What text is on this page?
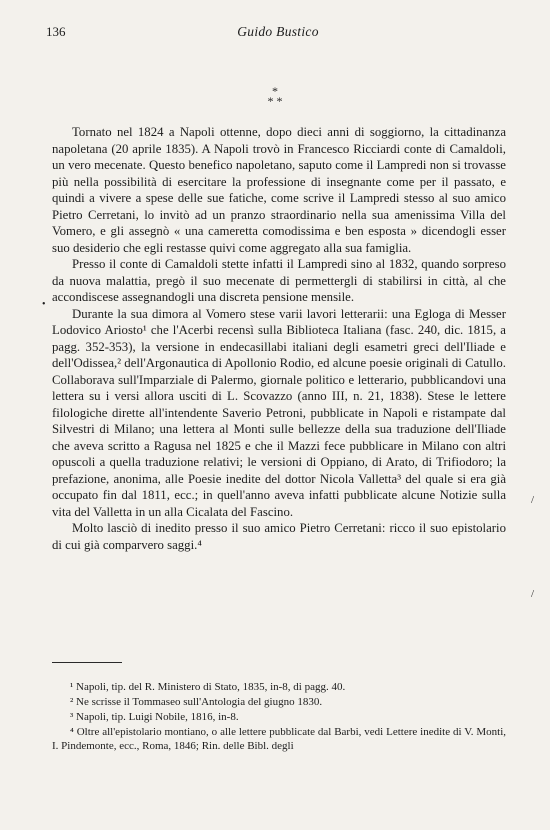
136	Guido Bustico
*
* *

Tornato nel 1824 a Napoli ottenne, dopo dieci anni di soggiorno, la cittadinanza napoletana (20 aprile 1835). A Napoli trovò in Francesco Ricciardi conte di Camaldoli, un vero mecenate. Questo benefico napoletano, saputo come il Lampredi non si trovasse più nella possibilità di esercitare la professione di insegnante come per il passato, e quindi a vivere a spese delle sue fatiche, come scrive il Lampredi stesso al suo amico Pietro Cerretani, lo invitò ad un pranzo straordinario nella sua amenissima Villa del Vomero, e gli assegnò « una cameretta comodissima e ben esposta » dicendogli esser suo desiderio che egli restasse quivi come aggregato alla sua famiglia.

Presso il conte di Camaldoli stette infatti il Lampredi sino al 1832, quando sorpreso da nuova malattia, pregò il suo mecenate di permettergli di stabilirsi in città, al che accondiscese assegnandogli una discreta pensione mensile.

Durante la sua dimora al Vomero stese varii lavori letterarii: una Egloga di Messer Lodovico Ariosto¹ che l'Acerbi recensì sulla Biblioteca Italiana (fasc. 240, dic. 1815, a pagg. 352-353), la versione in endecasillabi italiani degli esametri greci dell'Iliade e dell'Odissea,² dell'Argonautica di Apollonio Rodio, ed alcune poesie originali di Catullo. Collaborava sull'Imparziale di Palermo, giornale politico e letterario, pubblicandovi una lettera su i versi allora usciti di L. Scovazzo (anno III, n. 21, 1838). Stese le lettere filologiche dirette all'intendente Saverio Petroni, pubblicate in Napoli e ristampate dal Silvestri di Milano; una lettera al Monti sulle bellezze della sua traduzione dell'Iliade che aveva scritto a Ragusa nel 1825 e che il Mazzi fece pubblicare in Milano con altri opuscoli a quella traduzione relativi; le versioni di Oppiano, di Arato, di Trifiodoro; la prefazione, anonima, alle Poesie inedite del dottor Nicola Valletta³ del quale si era già occupato fin dal 1811, ecc.; in quell'anno aveva infatti pubblicate alcune Notizie sulla vita del Valletta in un alla Cicalata del Fascino.

Molto lasciò di inedito presso il suo amico Pietro Cerretani: ricco il suo epistolario di cui già comparvero saggi.⁴

•
/
/

¹ Napoli, tip. del R. Ministero di Stato, 1835, in-8, di pagg. 40.

² Ne scrisse il Tommaseo sull'Antologia del giugno 1830.

³ Napoli, tip. Luigi Nobile, 1816, in-8.

⁴ Oltre all'epistolario montiano, o alle lettere pubblicate dal Barbi, vedi Lettere inedite di V. Monti, I. Pindemonte, ecc., Roma, 1846; Rin. delle Bibl. degli
